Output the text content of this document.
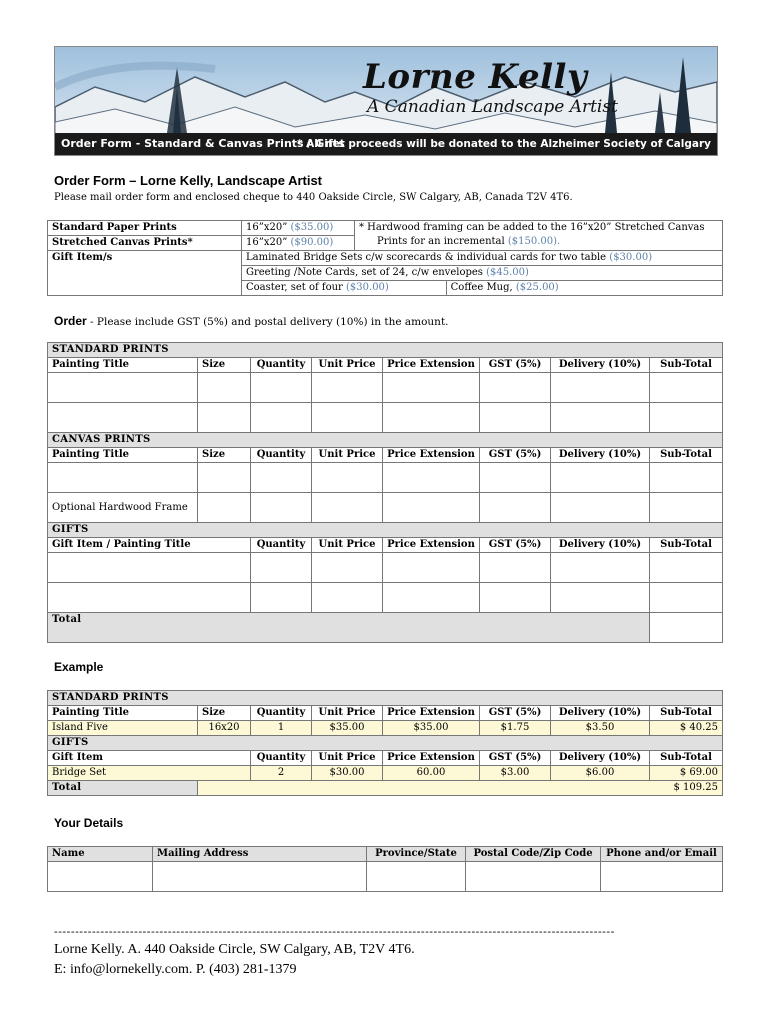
Lorne Kelly
A Canadian Landscape Artist
Order Form - Standard & Canvas Prints / Gifts
* All net proceeds will be donated to the Alzheimer Society of Calgary
Order Form – Lorne Kelly, Landscape Artist
Please mail order form and enclosed cheque to 440 Oakside Circle, SW Calgary, AB, Canada T2V 4T6.
Standard Paper Prints	16”x20” ($35.00)	* Hardwood framing can be added to the 16”x20” Stretched Canvas
Prints for an incremental ($150.00).	
Stretched Canvas Prints*	16”x20” ($90.00)		
Gift Item/s	Laminated Bridge Sets c/w scorecards & individual cards for two table ($30.00)		
	Greeting /Note Cards, set of 24, c/w envelopes ($45.00)		
	Coaster, set of four ($30.00)		Coffee Mug, ($25.00)
Order - Please include GST (5%) and postal delivery (10%) in the amount.
STANDARD PRINTS							
Painting Title	Size	Quantity	Unit Price	Price Extension	GST (5%)	Delivery (10%)	Sub-Total

CANVAS PRINTS							
Painting Title	Size	Quantity	Unit Price	Price Extension	GST (5%)	Delivery (10%)	Sub-Total

Optional Hardwood Frame							
GIFTS							
Gift Item / Painting Title		Quantity	Unit Price	Price Extension	GST (5%)	Delivery (10%)	Sub-Total

Total							
Example
STANDARD PRINTS							
Painting Title	Size	Quantity	Unit Price	Price Extension	GST (5%)	Delivery (10%)	Sub-Total
Island Five	16x20	1	$35.00	$35.00	$1.75	$3.50	$ 40.25
GIFTS							
Gift Item		Quantity	Unit Price	Price Extension	GST (5%)	Delivery (10%)	Sub-Total
Bridge Set		2	$30.00	60.00	$3.00	$6.00	$ 69.00
Total	$ 109.25						
Your Details
Name	Mailing Address	Province/State	Postal Code/Zip Code	Phone and/or Email

-------------------------------------------------------------------------------------------------------------------------------------
Lorne Kelly. A. 440 Oakside Circle, SW Calgary, AB, T2V 4T6.
E: info@lornekelly.com. P. (403) 281-1379
